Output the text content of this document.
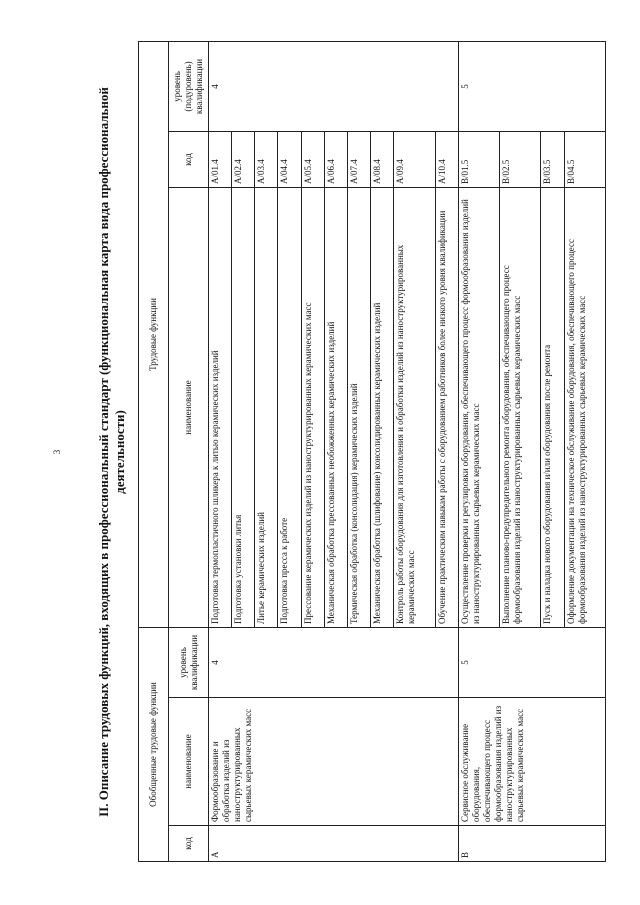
3	II. Описание трудовых функций, входящих в профессиональный стандарт (функциональная карта вида профессиональной деятельности)
Обобщенные трудовые функции			Трудовые функции		
код	наименование	уровень квалификации	наименование	код	уровень (подуровень) квалификации
A	Формообразование и обработка изделий из наноструктурированных сырьевых керамических масс	4	Подготовка термопластичного шликера к литью керамических изделий	A/01.4	4
			Подготовка установки литья	A/02.4	
			Литье керамических изделий	A/03.4	
			Подготовка пресса к работе	A/04.4	
			Прессование керамических изделий из наноструктурированных керамических масс	A/05.4	
			Механическая обработка прессованных необожженных керамических изделий	A/06.4	
			Термическая обработка (консолидация) керамических изделий	A/07.4	
			Механическая обработка (шлифование) консолидированных керамических изделий	A/08.4	
			Контроль работы оборудования для изготовления и обработки изделий из наноструктурированных керамических масс	A/09.4	
			Обучение практическим навыкам работы с оборудованием работников более низкого уровня квалификации	A/10.4	
B	Сервисное обслуживание оборудования, обеспечивающего процесс формообразования изделий из наноструктурированных сырьевых керамических масс	5	Осуществление проверки и регулировки оборудования, обеспечивающего процесс формообразования изделий из наноструктурированных сырьевых керамических масс	B/01.5	5
			Выполнение планово-предупредительного ремонта оборудования, обеспечивающего процесс формообразования изделий из наноструктурированных сырьевых керамических масс	B/02.5	
			Пуск и наладка нового оборудования и/или оборудования после ремонта	B/03.5	
			Оформление документации на техническое обслуживание оборудования, обеспечивающего процесс формообразования изделий из наноструктурированных сырьевых керамических масс	B/04.5	
